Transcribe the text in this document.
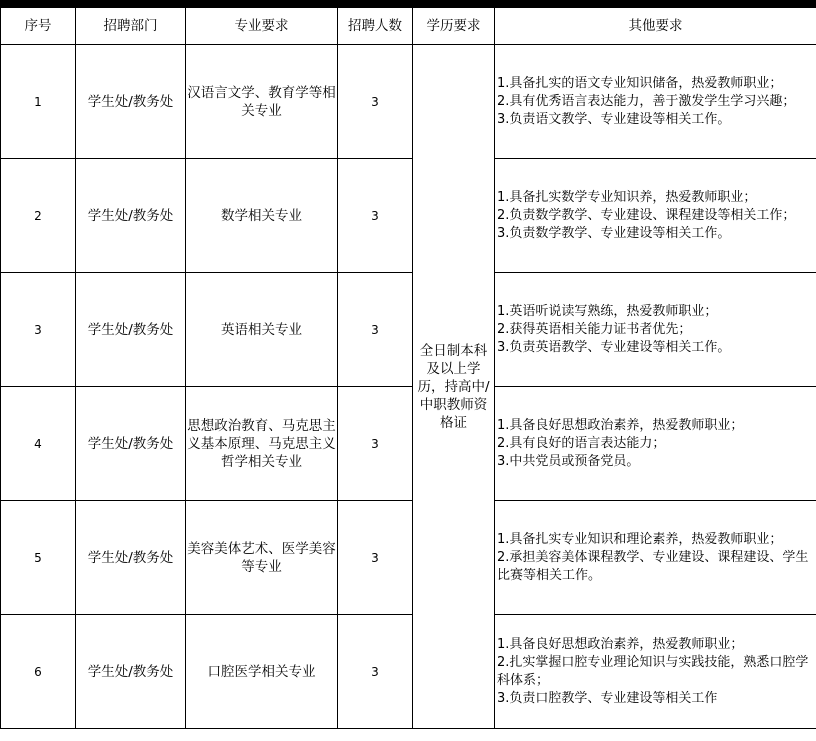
序号	招聘部门	专业要求	招聘人数	学历要求	其他要求
1	学生处/教务处	汉语言文学、教育学等相关专业	3	全日制本科及以上学历，持高中/中职教师资格证	1.具备扎实的语文专业知识储备，热爱教师职业；
2.具有优秀语言表达能力，善于激发学生学习兴趣；
3.负责语文教学、专业建设等相关工作。

2	学生处/教务处	数学相关专业	3		1.具备扎实数学专业知识养，热爱教师职业；
2.负责数学教学、专业建设、课程建设等相关工作；
3.负责数学教学、专业建设等相关工作。

3	学生处/教务处	英语相关专业	3		1.英语听说读写熟练，热爱教师职业；
2.获得英语相关能力证书者优先；
3.负责英语教学、专业建设等相关工作。

4	学生处/教务处	思想政治教育、马克思主义基本原理、马克思主义哲学相关专业	3		1.具备良好思想政治素养，热爱教师职业；
2.具有良好的语言表达能力；
3.中共党员或预备党员。

5	学生处/教务处	美容美体艺术、医学美容等专业	3		1.具备扎实专业知识和理论素养，热爱教师职业；
2.承担美容美体课程教学、专业建设、课程建设、学生比赛等相关工作。

6	学生处/教务处	口腔医学相关专业	3		1.具备良好思想政治素养，热爱教师职业；
2.扎实掌握口腔专业理论知识与实践技能，熟悉口腔学科体系；
3.负责口腔教学、专业建设等相关工作
